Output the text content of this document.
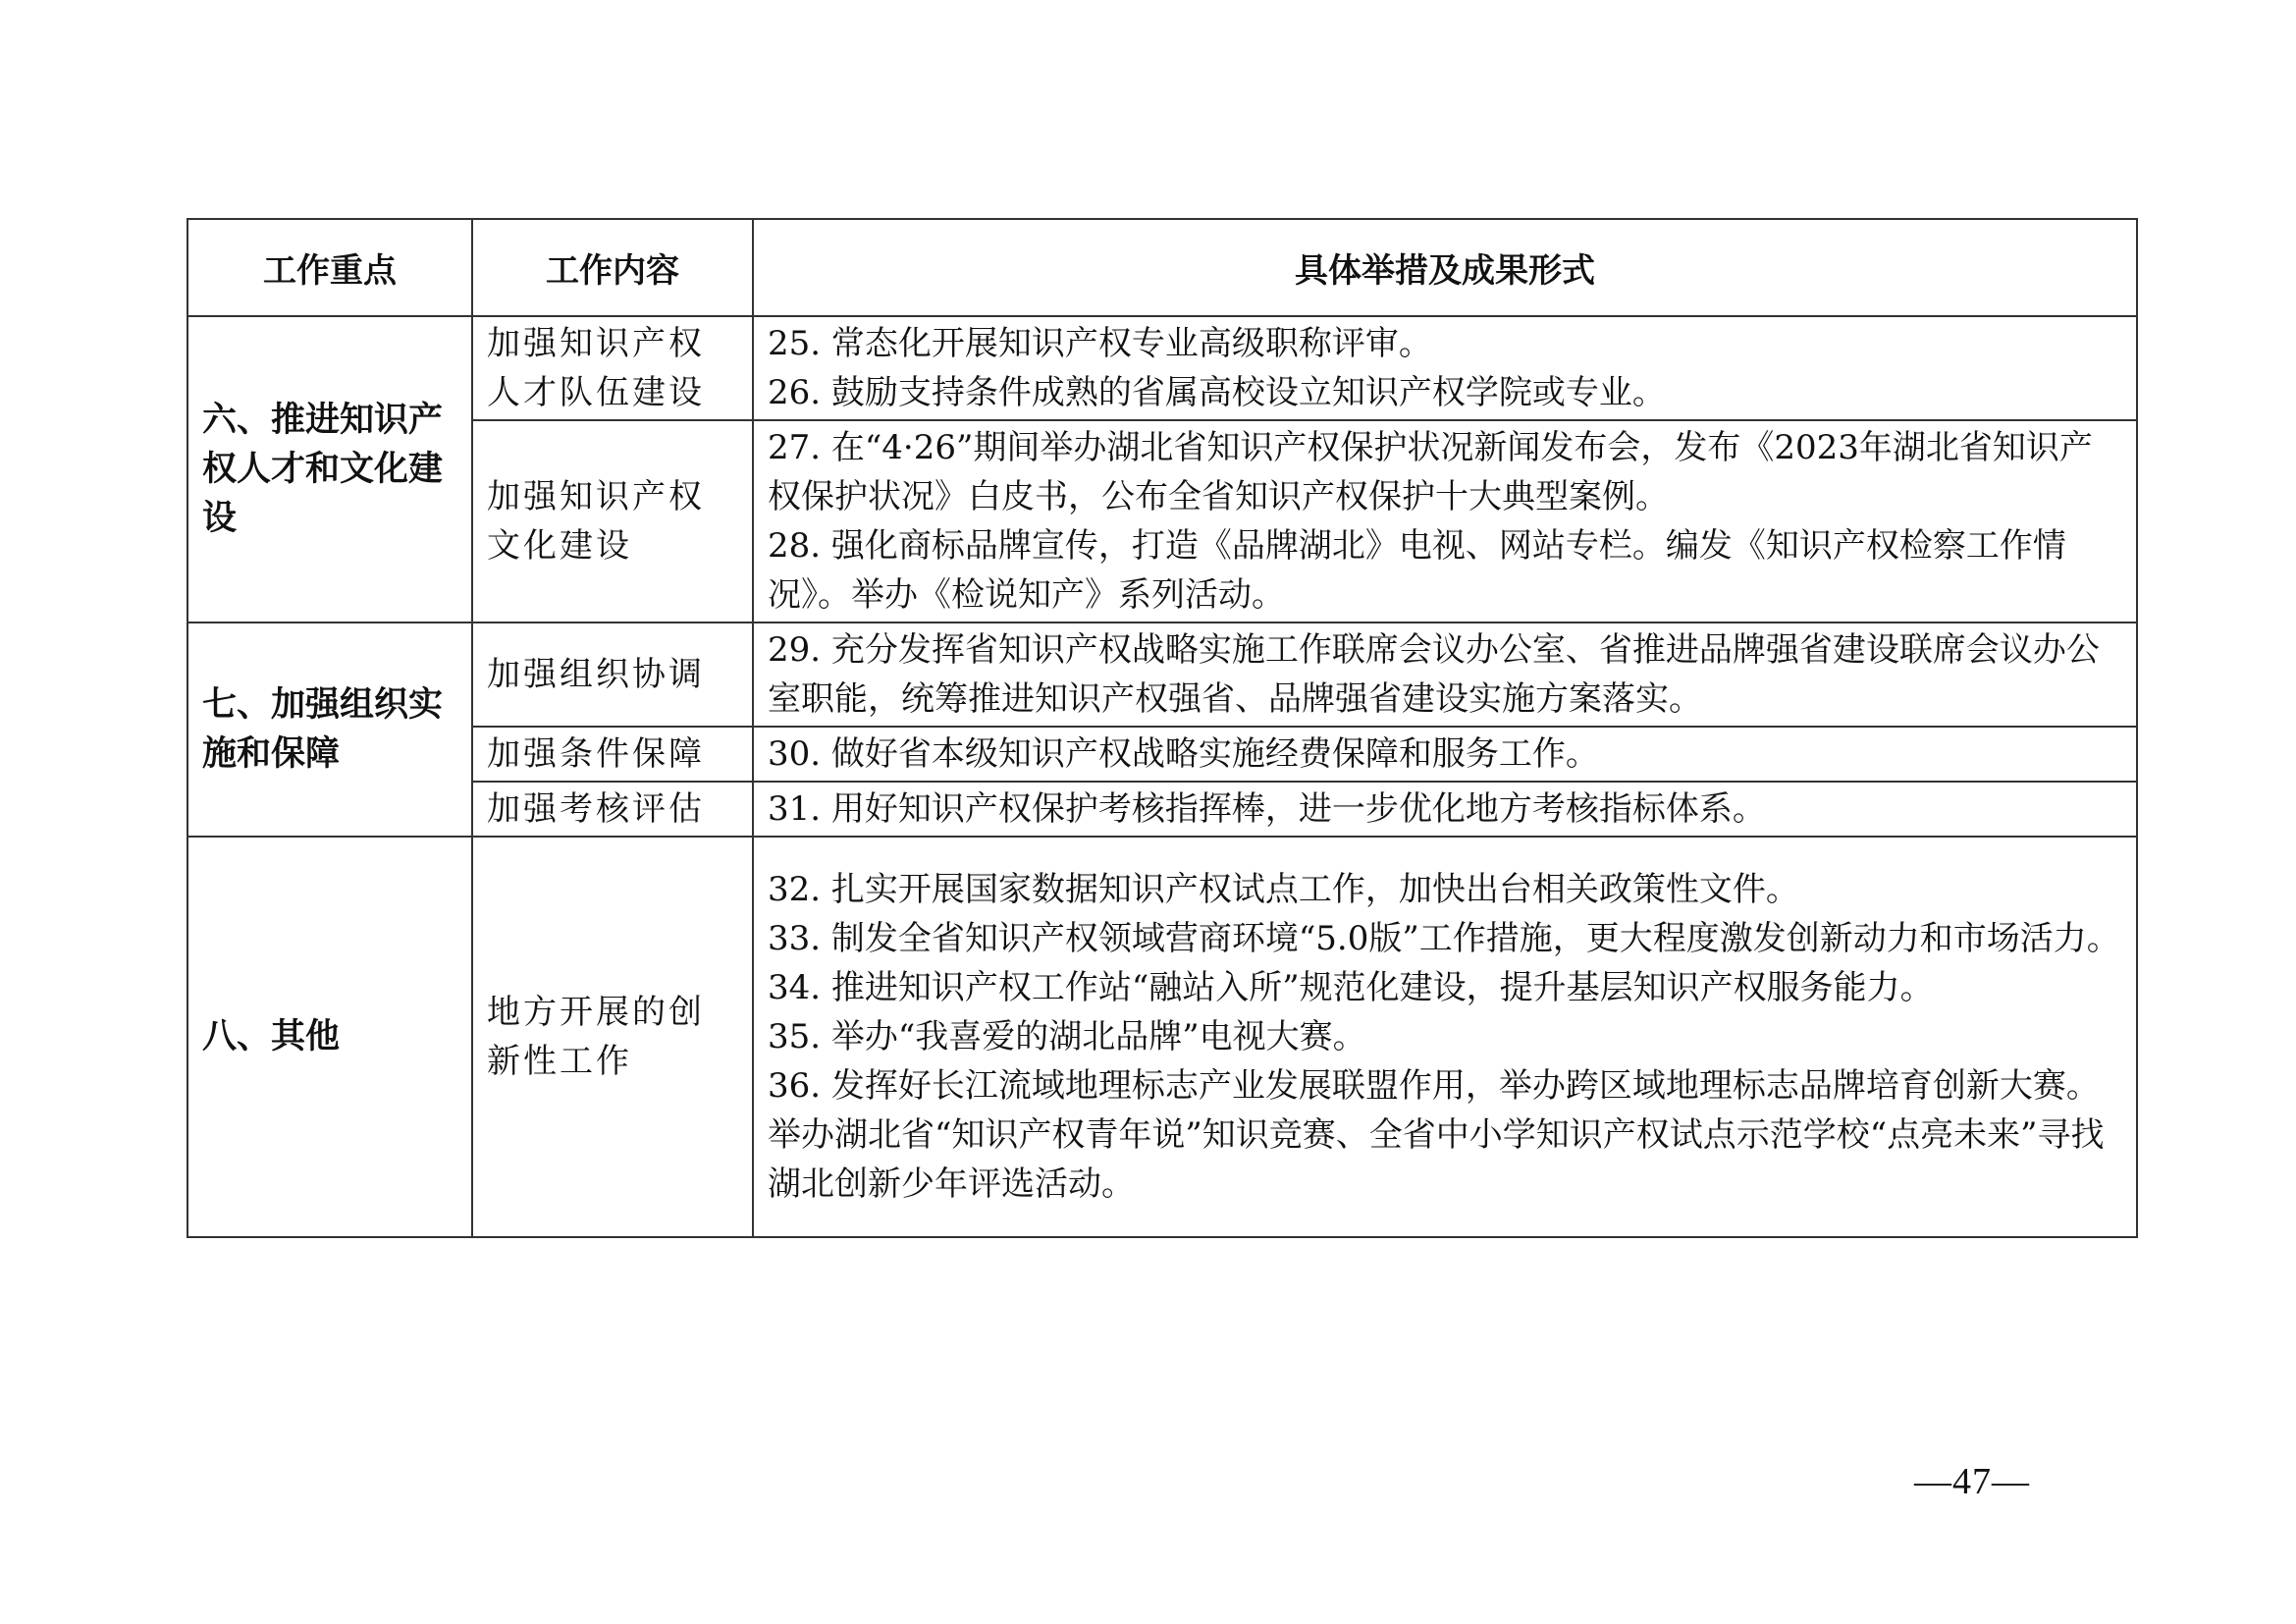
工作重点	工作内容	具体举措及成果形式
六、推进知识产权人才和文化建设	加强知识产权人才队伍建设	25. 常态化开展知识产权专业高级职称评审。
26. 鼓励支持条件成熟的省属高校设立知识产权学院或专业。

	加强知识产权文化建设	27. 在“4·26”期间举办湖北省知识产权保护状况新闻发布会，发布《2023年湖北省知识产权保护状况》白皮书，公布全省知识产权保护十大典型案例。
28. 强化商标品牌宣传，打造《品牌湖北》电视、网站专栏。编发《知识产权检察工作情况》。举办《检说知产》系列活动。

七、加强组织实施和保障	加强组织协调	29. 充分发挥省知识产权战略实施工作联席会议办公室、省推进品牌强省建设联席会议办公室职能，统筹推进知识产权强省、品牌强省建设实施方案落实。

	加强条件保障	30. 做好省本级知识产权战略实施经费保障和服务工作。

	加强考核评估	31. 用好知识产权保护考核指挥棒，进一步优化地方考核指标体系。

八、其他	地方开展的创新性工作	32. 扎实开展国家数据知识产权试点工作，加快出台相关政策性文件。
33. 制发全省知识产权领域营商环境“5.0版”工作措施，更大程度激发创新动力和市场活力。
34. 推进知识产权工作站“融站入所”规范化建设，提升基层知识产权服务能力。
35. 举办“我喜爱的湖北品牌”电视大赛。
36. 发挥好长江流域地理标志产业发展联盟作用，举办跨区域地理标志品牌培育创新大赛。举办湖北省“知识产权青年说”知识竞赛、全省中小学知识产权试点示范学校“点亮未来”寻找湖北创新少年评选活动。
—47—
